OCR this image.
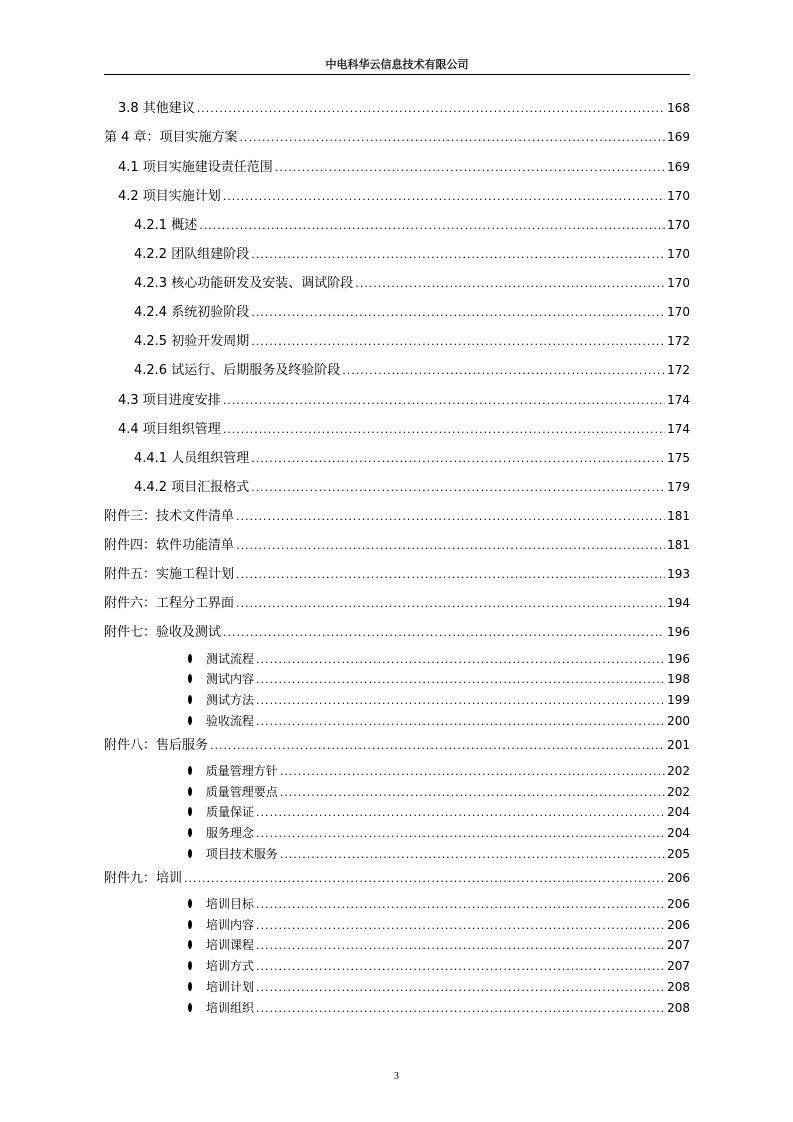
中电科华云信息技术有限公司
3.8 其他建议 .....	168
第 4 章：项目实施方案 .....	169
4.1 项目实施建设责任范围 .....	169
4.2 项目实施计划 .....	170
4.2.1 概述 .....	170
4.2.2 团队组建阶段 .....	170
4.2.3 核心功能研发及安装、调试阶段 .....	170
4.2.4 系统初验阶段 .....	170
4.2.5 初验开发周期 .....	172
4.2.6 试运行、后期服务及终验阶段 .....	172
4.3 项目进度安排 .....	174
4.4 项目组织管理 .....	174
4.4.1 人员组织管理 .....	175
4.4.2 项目汇报格式 .....	179
附件三：技术文件清单 .....	181
附件四：软件功能清单 .....	181
附件五：实施工程计划 .....	193
附件六：工程分工界面 .....	194
附件七：验收及测试 .....	196
测试流程 .....	196
测试内容 .....	198
测试方法 .....	199
验收流程 .....	200
附件八：售后服务 .....	201
质量管理方针 .....	202
质量管理要点 .....	202
质量保证 .....	204
服务理念 .....	204
项目技术服务 .....	205
附件九：培训 .....	206
培训目标 .....	206
培训内容 .....	206
培训课程 .....	207
培训方式 .....	207
培训计划 .....	208
培训组织 .....	208
3
